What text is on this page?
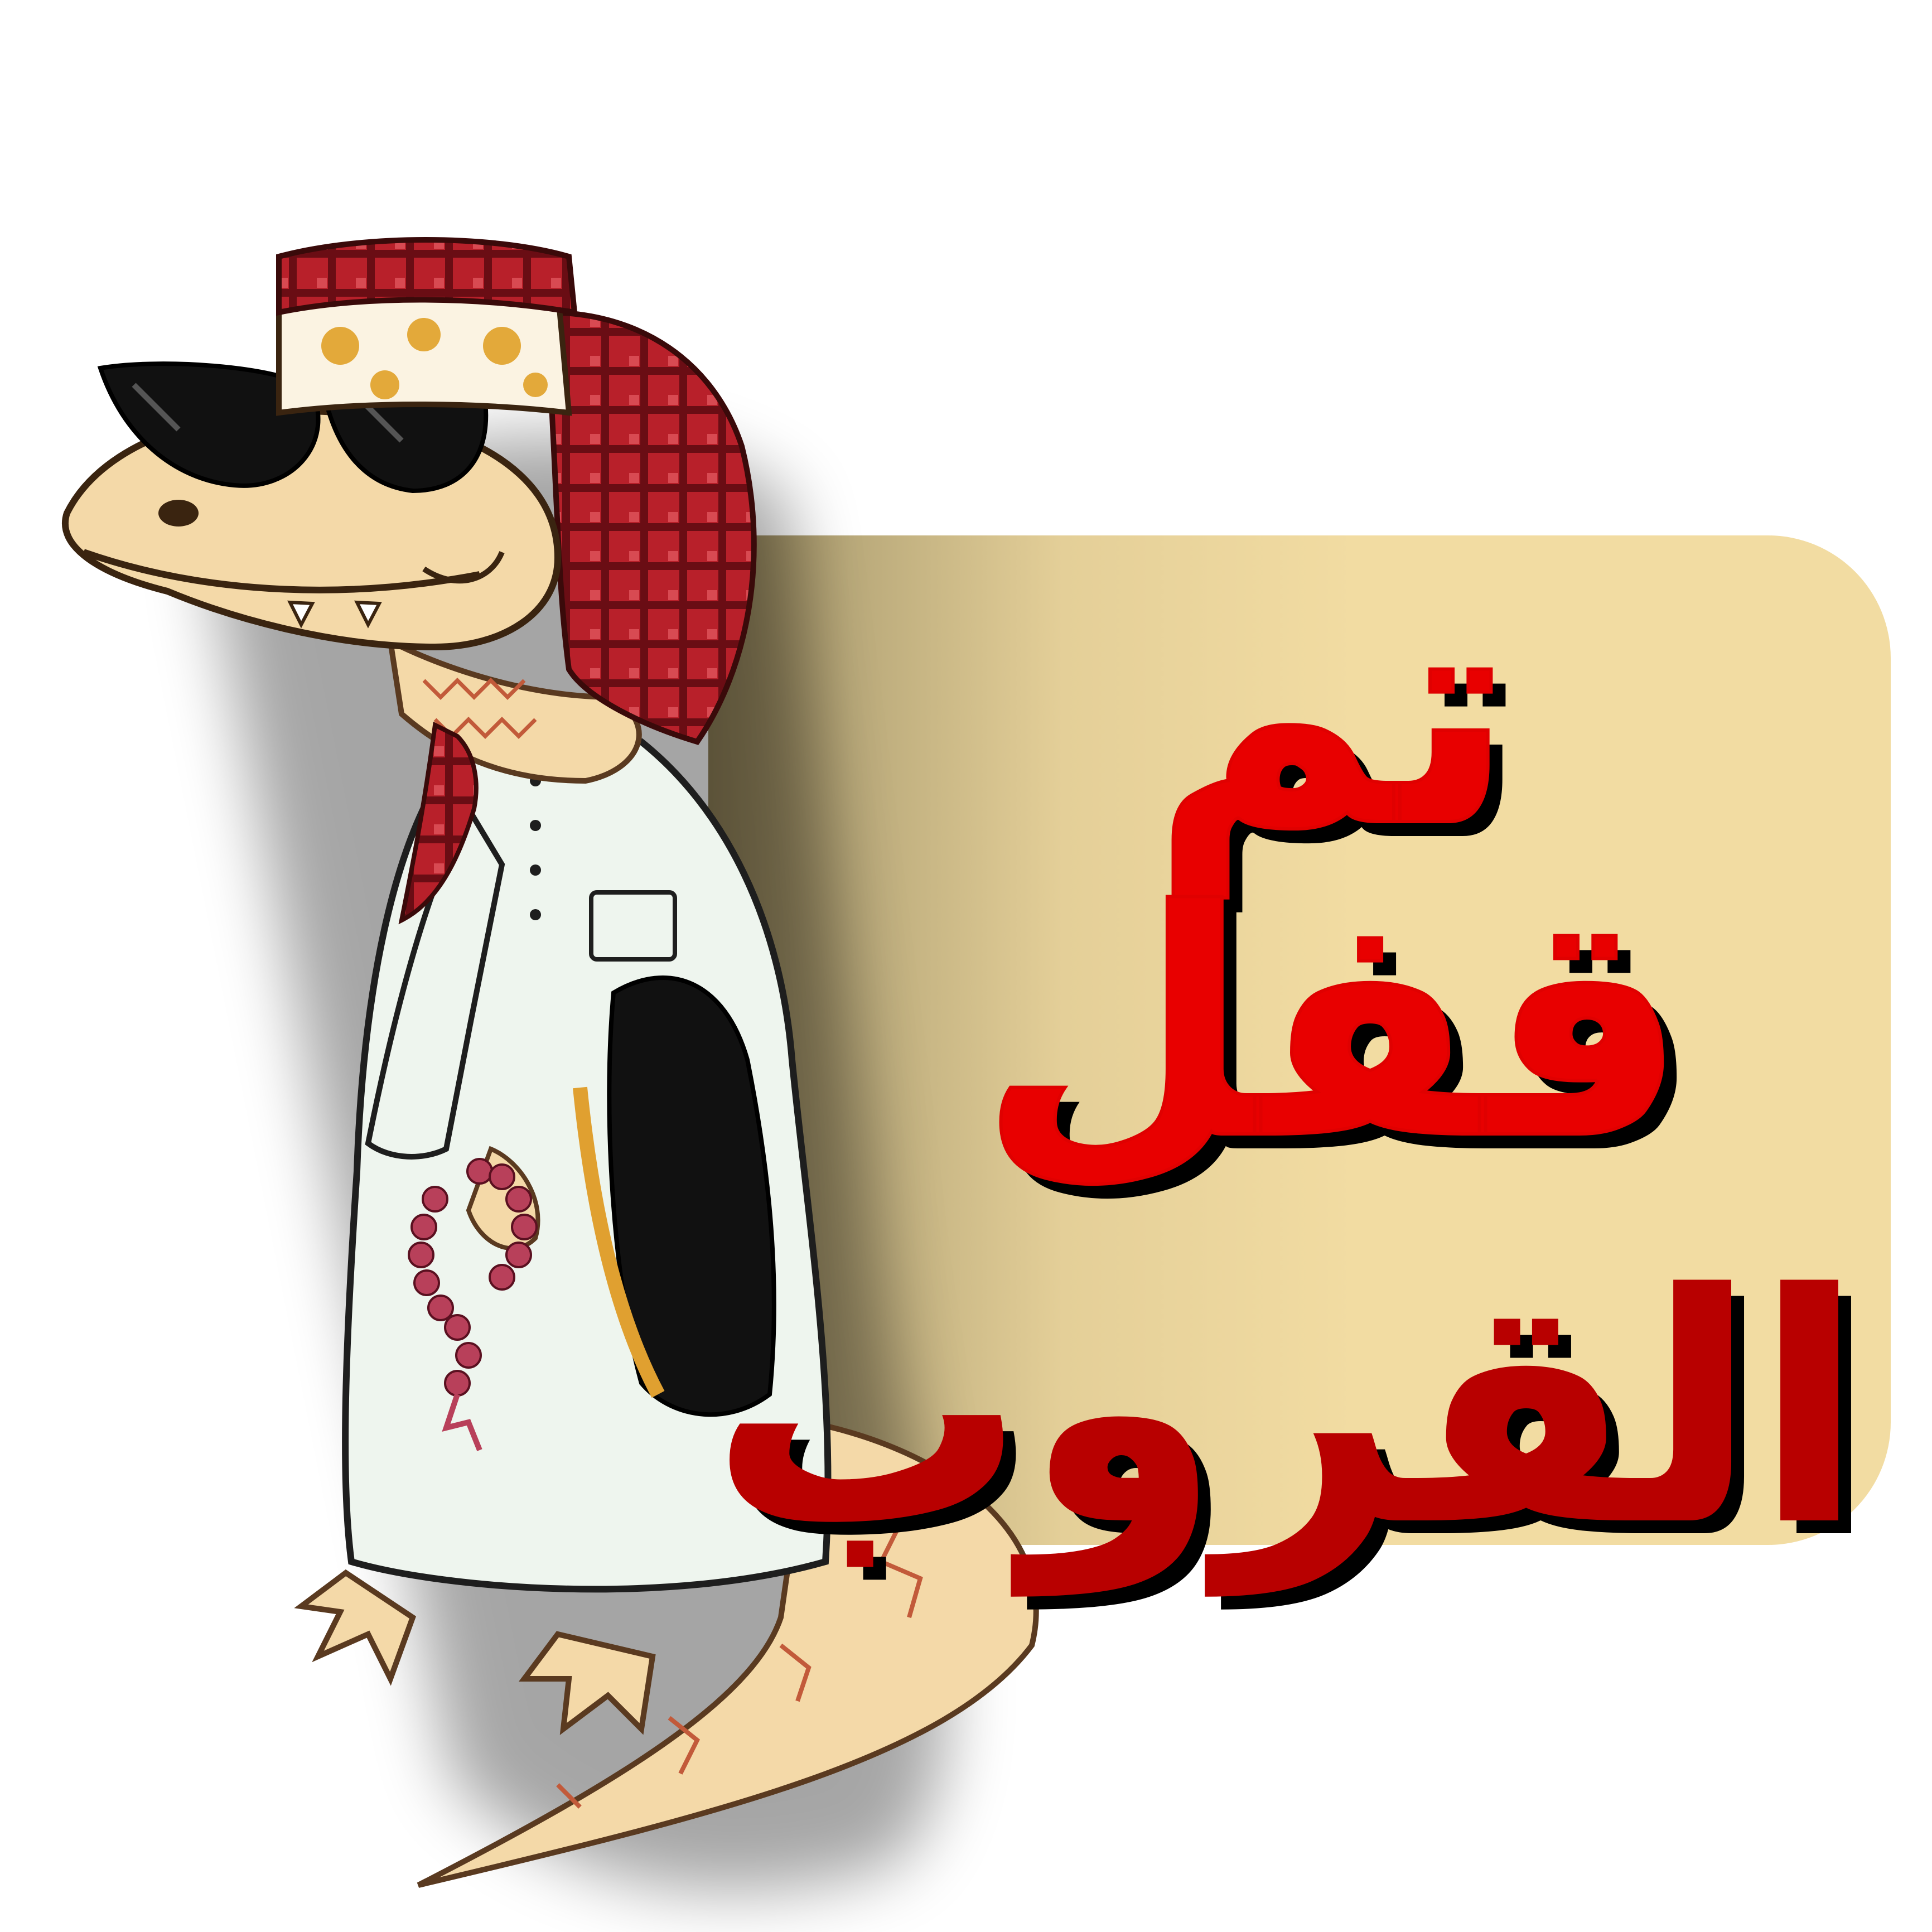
تم قفل
القروب
